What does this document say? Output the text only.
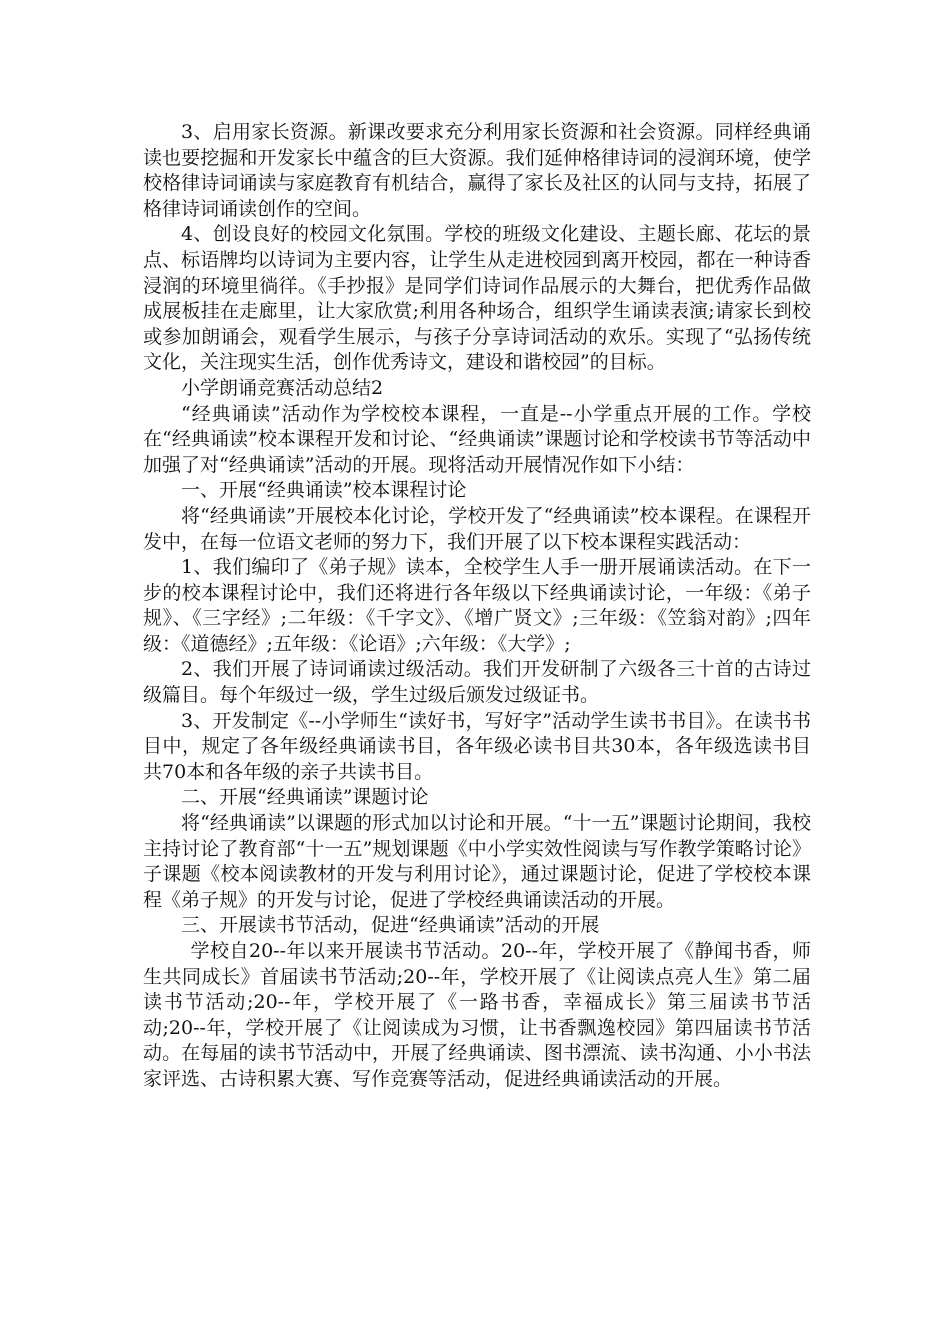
3、启用家长资源。新课改要求充分利用家长资源和社会资源。同样经典诵读也要挖掘和开发家长中蕴含的巨大资源。我们延伸格律诗词的浸润环境，使学校格律诗词诵读与家庭教育有机结合，赢得了家长及社区的认同与支持，拓展了格律诗词诵读创作的空间。

4、创设良好的校园文化氛围。学校的班级文化建设、主题长廊、花坛的景点、标语牌均以诗词为主要内容，让学生从走进校园到离开校园，都在一种诗香浸润的环境里徜徉。《手抄报》是同学们诗词作品展示的大舞台，把优秀作品做成展板挂在走廊里，让大家欣赏;利用各种场合，组织学生诵读表演;请家长到校或参加朗诵会，观看学生展示，与孩子分享诗词活动的欢乐。实现了“弘扬传统文化，关注现实生活，创作优秀诗文，建设和谐校园”的目标。

小学朗诵竞赛活动总结2

“经典诵读”活动作为学校校本课程，一直是--小学重点开展的工作。学校在“经典诵读”校本课程开发和讨论、“经典诵读”课题讨论和学校读书节等活动中加强了对“经典诵读”活动的开展。现将活动开展情况作如下小结：

一、开展“经典诵读”校本课程讨论

将“经典诵读”开展校本化讨论，学校开发了“经典诵读”校本课程。在课程开发中，在每一位语文老师的努力下，我们开展了以下校本课程实践活动：

1、我们编印了《弟子规》读本，全校学生人手一册开展诵读活动。在下一步的校本课程讨论中，我们还将进行各年级以下经典诵读讨论，一年级：《弟子规》、《三字经》;二年级：《千字文》、《增广贤文》;三年级：《笠翁对韵》;四年级：《道德经》;五年级：《论语》;六年级：《大学》;

2、我们开展了诗词诵读过级活动。我们开发研制了六级各三十首的古诗过级篇目。每个年级过一级，学生过级后颁发过级证书。

3、开发制定《--小学师生“读好书，写好字”活动学生读书书目》。在读书书目中，规定了各年级经典诵读书目，各年级必读书目共30本，各年级选读书目共70本和各年级的亲子共读书目。

二、开展“经典诵读”课题讨论

将“经典诵读”以课题的形式加以讨论和开展。“十一五”课题讨论期间，我校主持讨论了教育部“十一五”规划课题《中小学实效性阅读与写作教学策略讨论》子课题《校本阅读教材的开发与利用讨论》，通过课题讨论，促进了学校校本课程《弟子规》的开发与讨论，促进了学校经典诵读活动的开展。

三、开展读书节活动，促进“经典诵读”活动的开展

学校自20--年以来开展读书节活动。20--年，学校开展了《静闻书香，师生共同成长》首届读书节活动;20--年，学校开展了《让阅读点亮人生》第二届读书节活动;20--年，学校开展了《一路书香，幸福成长》第三届读书节活动;20--年，学校开展了《让阅读成为习惯，让书香飘逸校园》第四届读书节活动。在每届的读书节活动中，开展了经典诵读、图书漂流、读书沟通、小小书法家评选、古诗积累大赛、写作竞赛等活动，促进经典诵读活动的开展。
